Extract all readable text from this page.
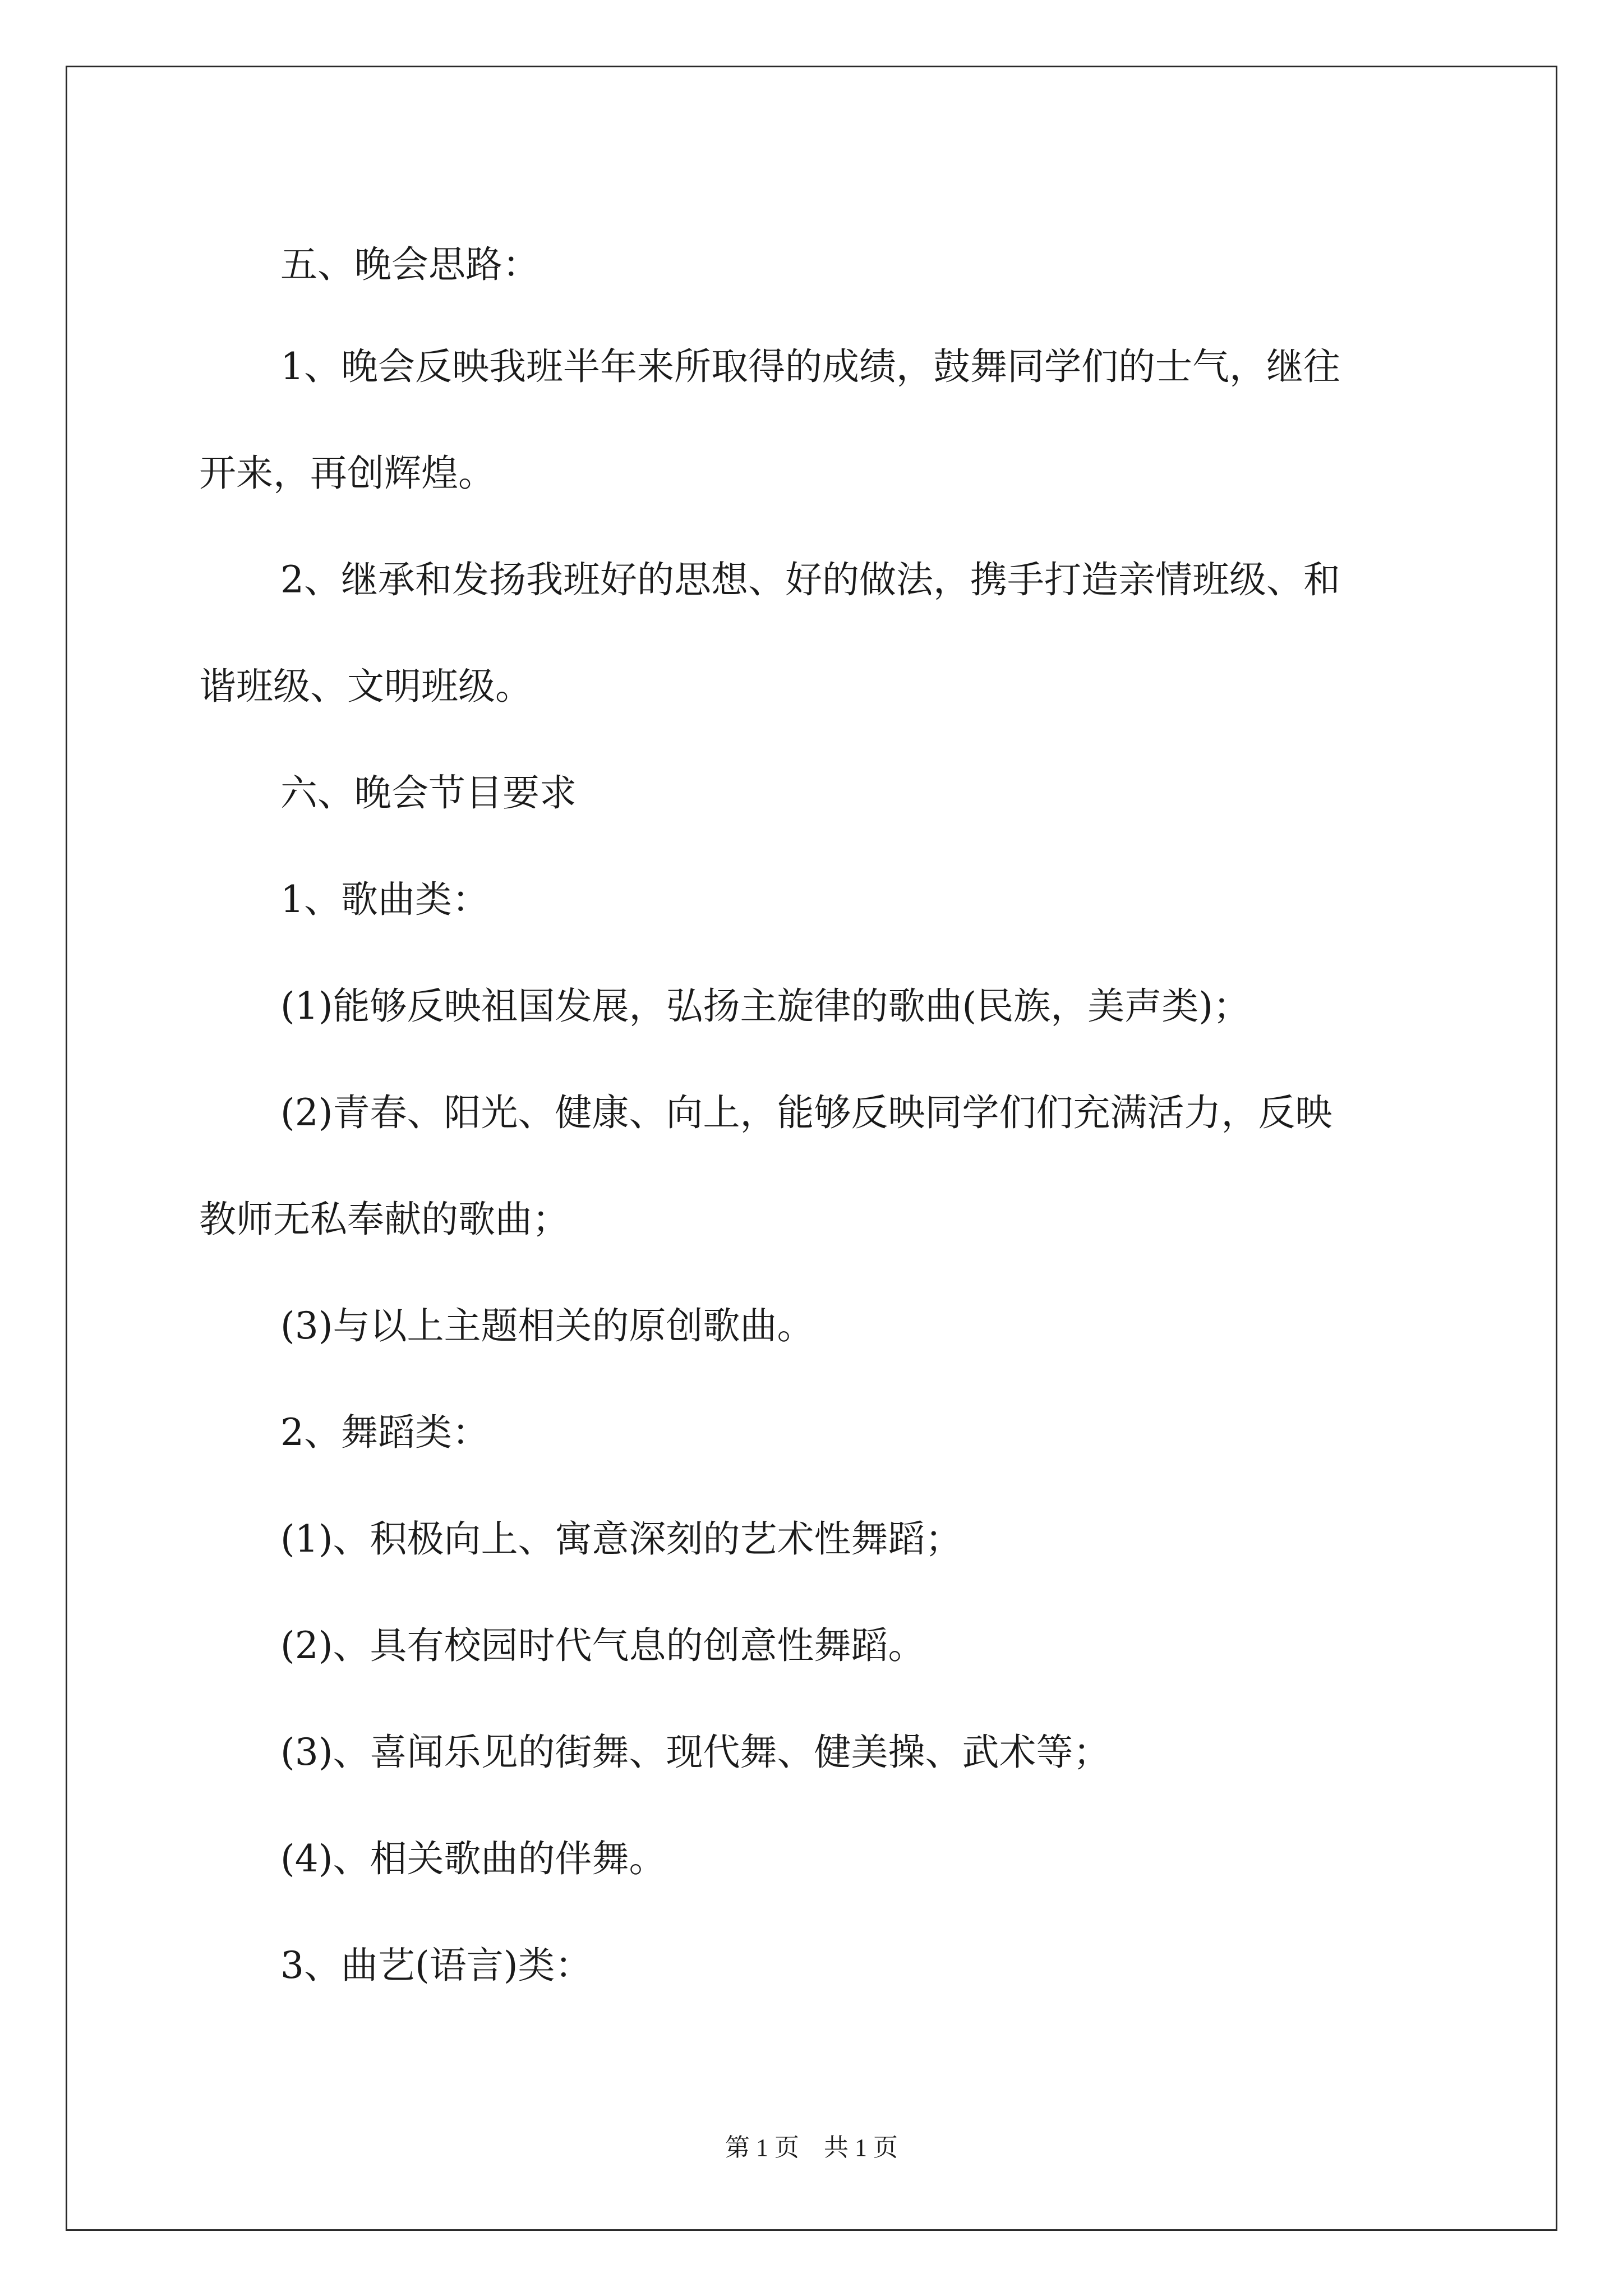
五、晚会思路：
1、晚会反映我班半年来所取得的成绩，鼓舞同学们的士气，继往
开来，再创辉煌。
2、继承和发扬我班好的思想、好的做法，携手打造亲情班级、和
谐班级、文明班级。
六、晚会节目要求
1、歌曲类：
(1)能够反映祖国发展，弘扬主旋律的歌曲(民族，美声类)；
(2)青春、阳光、健康、向上，能够反映同学们们充满活力，反映
教师无私奉献的歌曲；
(3)与以上主题相关的原创歌曲。
2、舞蹈类：
(1)、积极向上、寓意深刻的艺术性舞蹈；
(2)、具有校园时代气息的创意性舞蹈。
(3)、喜闻乐见的街舞、现代舞、健美操、武术等；
(4)、相关歌曲的伴舞。
3、曲艺(语言)类：
第 1 页　共 1 页
